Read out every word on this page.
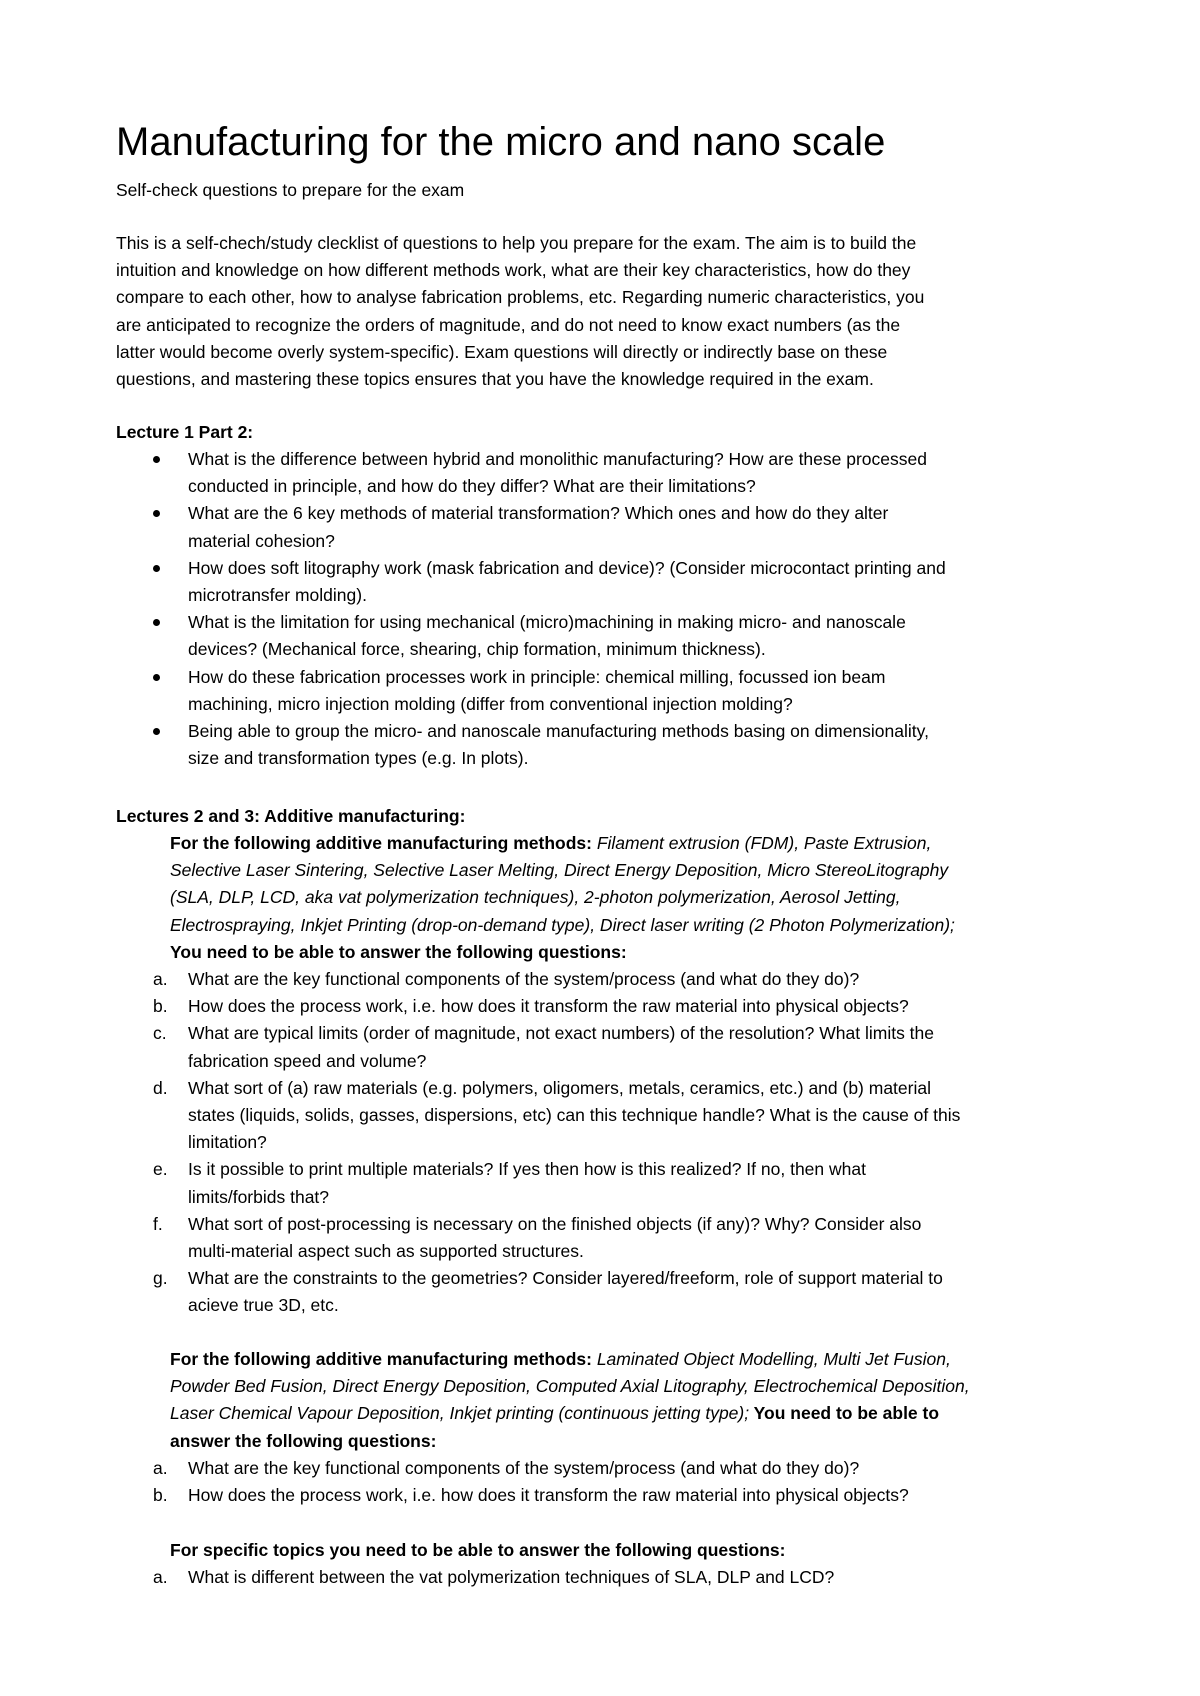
Manufacturing for the micro and nano scale

Self-check questions to prepare for the exam

This is a self-chech/study clecklist of questions to help you prepare for the exam. The aim is to build the
intuition and knowledge on how different methods work, what are their key characteristics, how do they
compare to each other, how to analyse fabrication problems, etc. Regarding numeric characteristics, you
are anticipated to recognize the orders of magnitude, and do not need to know exact numbers (as the
latter would become overly system-specific). Exam questions will directly or indirectly base on these
questions, and mastering these topics ensures that you have the knowledge required in the exam.

Lecture 1 Part 2:

What is the difference between hybrid and monolithic manufacturing? How are these processed
conducted in principle, and how do they differ? What are their limitations?
What are the 6 key methods of material transformation? Which ones and how do they alter
material cohesion?
How does soft litography work (mask fabrication and device)? (Consider microcontact printing and
microtransfer molding).
What is the limitation for using mechanical (micro)machining in making micro- and nanoscale
devices? (Mechanical force, shearing, chip formation, minimum thickness).
How do these fabrication processes work in principle: chemical milling, focussed ion beam
machining, micro injection molding (differ from conventional injection molding?
Being able to group the micro- and nanoscale manufacturing methods basing on dimensionality,
size and transformation types (e.g. In plots).

Lectures 2 and 3: Additive manufacturing:

For the following additive manufacturing methods: Filament extrusion (FDM), Paste Extrusion,
Selective Laser Sintering, Selective Laser Melting, Direct Energy Deposition, Micro StereoLitography
(SLA, DLP, LCD, aka vat polymerization techniques), 2-photon polymerization, Aerosol Jetting,
Electrospraying, Inkjet Printing (drop-on-demand type), Direct laser writing (2 Photon Polymerization);
You need to be able to answer the following questions:

a. What are the key functional components of the system/process (and what do they do)?
b. How does the process work, i.e. how does it transform the raw material into physical objects?
c. What are typical limits (order of magnitude, not exact numbers) of the resolution? What limits the
fabrication speed and volume?
d. What sort of (a) raw materials (e.g. polymers, oligomers, metals, ceramics, etc.) and (b) material
states (liquids, solids, gasses, dispersions, etc) can this technique handle? What is the cause of this
limitation?
e. Is it possible to print multiple materials? If yes then how is this realized? If no, then what
limits/forbids that?
f. What sort of post-processing is necessary on the finished objects (if any)? Why? Consider also
multi-material aspect such as supported structures.
g. What are the constraints to the geometries? Consider layered/freeform, role of support material to
acieve true 3D, etc.

For the following additive manufacturing methods: Laminated Object Modelling, Multi Jet Fusion,
Powder Bed Fusion, Direct Energy Deposition, Computed Axial Litography, Electrochemical Deposition,
Laser Chemical Vapour Deposition, Inkjet printing (continuous jetting type); You need to be able to
answer the following questions:

a. What are the key functional components of the system/process (and what do they do)?
b. How does the process work, i.e. how does it transform the raw material into physical objects?

For specific topics you need to be able to answer the following questions:

a. What is different between the vat polymerization techniques of SLA, DLP and LCD?
